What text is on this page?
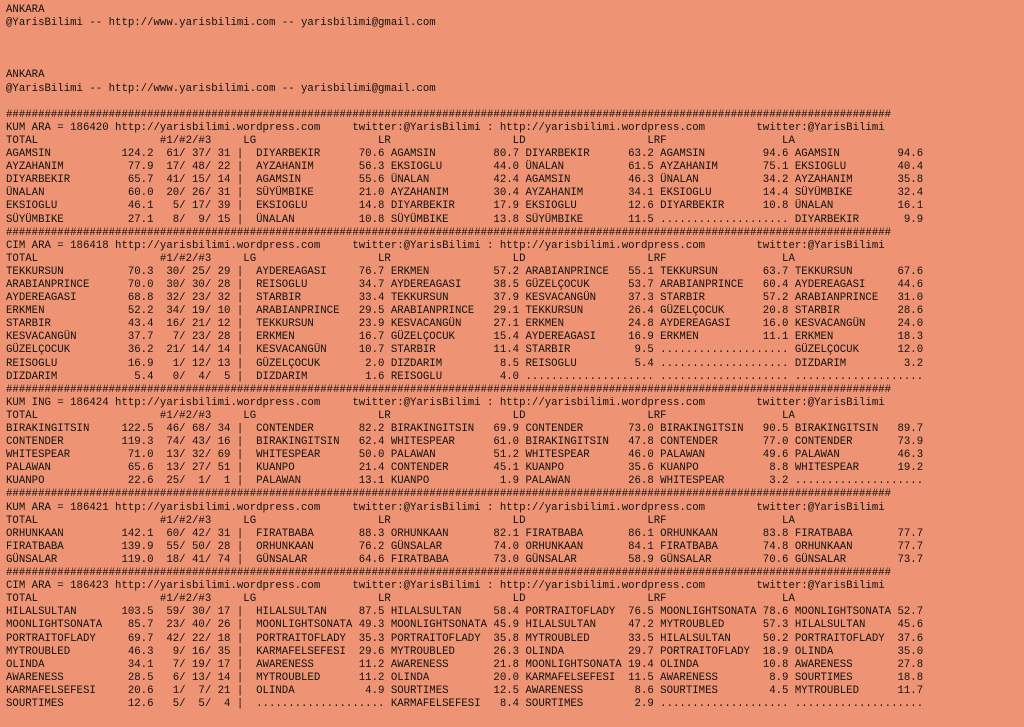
ANKARA
@YarisBilimi -- http://www.yarisbilimi.com -- yarisbilimi@gmail.com

ANKARA
@YarisBilimi -- http://www.yarisbilimi.com -- yarisbilimi@gmail.com

##########################################################################################################################################
KUM ARA = 186420 http://yarisbilimi.wordpress.com     twitter:@YarisBilimi : http://yarisbilimi.wordpress.com        twitter:@YarisBilimi
TOTAL                   #1/#2/#3     LG                   LR                   LD                   LRF                  LA
AGAMSIN           124.2  61/ 37/ 31 |  DIYARBEKIR      70.6 AGAMSIN         80.7 DIYARBEKIR      63.2 AGAMSIN         94.6 AGAMSIN         94.6
AYZAHANIM          77.9  17/ 48/ 22 |  AYZAHANIM       56.3 EKSIOGLU        44.0 ÜNALAN          61.5 AYZAHANIM       75.1 EKSIOGLU        40.4
DIYARBEKIR         65.7  41/ 15/ 14 |  AGAMSIN         55.6 ÜNALAN          42.4 AGAMSIN         46.3 ÜNALAN          34.2 AYZAHANIM       35.8
ÜNALAN             60.0  20/ 26/ 31 |  SÜYÜMBIKE       21.0 AYZAHANIM       30.4 AYZAHANIM       34.1 EKSIOGLU        14.4 SÜYÜMBIKE       32.4
EKSIOGLU           46.1   5/ 17/ 39 |  EKSIOGLU        14.8 DIYARBEKIR      17.9 EKSIOGLU        12.6 DIYARBEKIR      10.8 ÜNALAN          16.1
SÜYÜMBIKE          27.1   8/  9/ 15 |  ÜNALAN          10.8 SÜYÜMBIKE       13.8 SÜYÜMBIKE       11.5 .................... DIYARBEKIR       9.9
##########################################################################################################################################
CIM ARA = 186418 http://yarisbilimi.wordpress.com     twitter:@YarisBilimi : http://yarisbilimi.wordpress.com        twitter:@YarisBilimi
TOTAL                   #1/#2/#3     LG                   LR                   LD                   LRF                  LA
TEKKURSUN          70.3  30/ 25/ 29 |  AYDEREAGASI     76.7 ERKMEN          57.2 ARABIANPRINCE   55.1 TEKKURSUN       63.7 TEKKURSUN       67.6
ARABIANPRINCE      70.0  30/ 30/ 28 |  REISOGLU        34.7 AYDEREAGASI     38.5 GÜZELÇOCUK      53.7 ARABIANPRINCE   60.4 AYDEREAGASI     44.6
AYDEREAGASI        68.8  32/ 23/ 32 |  STARBIR         33.4 TEKKURSUN       37.9 KESVACANGÜN     37.3 STARBIR         57.2 ARABIANPRINCE   31.0
ERKMEN             52.2  34/ 19/ 10 |  ARABIANPRINCE   29.5 ARABIANPRINCE   29.1 TEKKURSUN       26.4 GÜZELÇOCUK      20.8 STARBIR         28.6
STARBIR            43.4  16/ 21/ 12 |  TEKKURSUN       23.9 KESVACANGÜN     27.1 ERKMEN          24.8 AYDEREAGASI     16.0 KESVACANGÜN     24.0
KESVACANGÜN        37.7   7/ 23/ 28 |  ERKMEN          16.7 GÜZELÇOCUK      15.4 AYDEREAGASI     16.9 ERKMEN          11.1 ERKMEN          18.3
GÜZELÇOCUK         36.2  21/ 14/ 14 |  KESVACANGÜN     10.7 STARBIR         11.4 STARBIR          9.5 .................... GÜZELÇOCUK      12.0
REISOGLU           16.9   1/ 12/ 13 |  GÜZELÇOCUK       2.0 DIZDARIM         8.5 REISOGLU         5.4 .................... DIZDARIM         3.2
DIZDARIM            5.4   0/  4/  5 |  DIZDARIM         1.6 REISOGLU         4.0 .................... .................... ....................
##########################################################################################################################################
KUM ING = 186424 http://yarisbilimi.wordpress.com     twitter:@YarisBilimi : http://yarisbilimi.wordpress.com        twitter:@YarisBilimi
TOTAL                   #1/#2/#3     LG                   LR                   LD                   LRF                  LA
BIRAKINGITSIN     122.5  46/ 68/ 34 |  CONTENDER       82.2 BIRAKINGITSIN   69.9 CONTENDER       73.0 BIRAKINGITSIN   90.5 BIRAKINGITSIN   89.7
CONTENDER         119.3  74/ 43/ 16 |  BIRAKINGITSIN   62.4 WHITESPEAR      61.0 BIRAKINGITSIN   47.8 CONTENDER       77.0 CONTENDER       73.9
WHITESPEAR         71.0  13/ 32/ 69 |  WHITESPEAR      50.0 PALAWAN         51.2 WHITESPEAR      46.0 PALAWAN         49.6 PALAWAN         46.3
PALAWAN            65.6  13/ 27/ 51 |  KUANPO          21.4 CONTENDER       45.1 KUANPO          35.6 KUANPO           8.8 WHITESPEAR      19.2
KUANPO             22.6  25/  1/  1 |  PALAWAN         13.1 KUANPO           1.9 PALAWAN         26.8 WHITESPEAR       3.2 ....................
##########################################################################################################################################
KUM ARA = 186421 http://yarisbilimi.wordpress.com     twitter:@YarisBilimi : http://yarisbilimi.wordpress.com        twitter:@YarisBilimi
TOTAL                   #1/#2/#3     LG                   LR                   LD                   LRF                  LA
ORHUNKAAN         142.1  60/ 42/ 31 |  FIRATBABA       88.3 ORHUNKAAN       82.1 FIRATBABA       86.1 ORHUNKAAN       83.8 FIRATBABA       77.7
FIRATBABA         139.9  55/ 50/ 28 |  ORHUNKAAN       76.2 GÜNSALAR        74.0 ORHUNKAAN       84.1 FIRATBABA       74.8 ORHUNKAAN       77.7
GÜNSALAR          119.0  18/ 41/ 74 |  GÜNSALAR        64.6 FIRATBABA       73.0 GÜNSALAR        58.9 GÜNSALAR        70.6 GÜNSALAR        73.7
##########################################################################################################################################
CIM ARA = 186423 http://yarisbilimi.wordpress.com     twitter:@YarisBilimi : http://yarisbilimi.wordpress.com        twitter:@YarisBilimi
TOTAL                   #1/#2/#3     LG                   LR                   LD                   LRF                  LA
HILALSULTAN       103.5  59/ 30/ 17 |  HILALSULTAN     87.5 HILALSULTAN     58.4 PORTRAITOFLADY  76.5 MOONLIGHTSONATA 78.6 MOONLIGHTSONATA 52.7
MOONLIGHTSONATA    85.7  23/ 40/ 26 |  MOONLIGHTSONATA 49.3 MOONLIGHTSONATA 45.9 HILALSULTAN     47.2 MYTROUBLED      57.3 HILALSULTAN     45.6
PORTRAITOFLADY     69.7  42/ 22/ 18 |  PORTRAITOFLADY  35.3 PORTRAITOFLADY  35.8 MYTROUBLED      33.5 HILALSULTAN     50.2 PORTRAITOFLADY  37.6
MYTROUBLED         46.3   9/ 16/ 35 |  KARMAFELSEFESI  29.6 MYTROUBLED      26.3 OLINDA          29.7 PORTRAITOFLADY  18.9 OLINDA          35.0
OLINDA             34.1   7/ 19/ 17 |  AWARENESS       11.2 AWARENESS       21.8 MOONLIGHTSONATA 19.4 OLINDA          10.8 AWARENESS       27.8
AWARENESS          28.5   6/ 13/ 14 |  MYTROUBLED      11.2 OLINDA          20.0 KARMAFELSEFESI  11.5 AWARENESS        8.9 SOURTIMES       18.8
KARMAFELSEFESI     20.6   1/  7/ 21 |  OLINDA           4.9 SOURTIMES       12.5 AWARENESS        8.6 SOURTIMES        4.5 MYTROUBLED      11.7
SOURTIMES          12.6   5/  5/  4 |  .................... KARMAFELSEFESI   8.4 SOURTIMES        2.9 .................... ....................
